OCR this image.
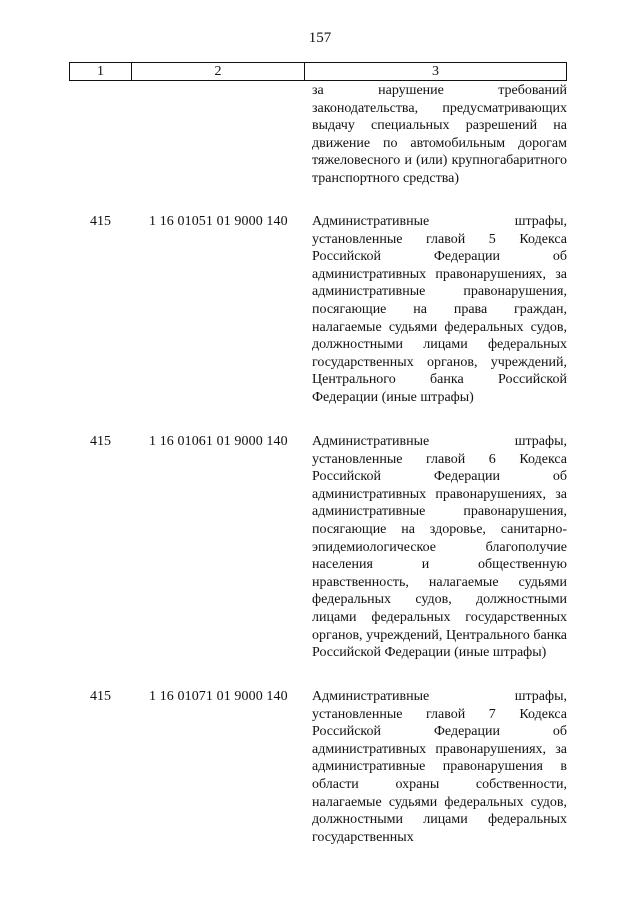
157
1	2	3

за нарушение требований законодательства, предусматривающих выдачу специальных разрешений на движение по автомобильным дорогам тяжеловесного и (или) крупногабаритного транспортного средства)

415	1 16 01051 01 9000 140 Административные штрафы, установленные главой 5 Кодекса Российской Федерации об административных правонарушениях, за административные правонарушения, посягающие на права граждан, налагаемые судьями федеральных судов, должностными лицами федеральных государственных органов, учреждений, Центрального банка Российской Федерации (иные штрафы)

415	1 16 01061 01 9000 140 Административные штрафы, установленные главой 6 Кодекса Российской Федерации об административных правонарушениях, за административные правонарушения, посягающие на здоровье, санитарно-эпидемиологическое благополучие населения и общественную нравственность, налагаемые судьями федеральных судов, должностными лицами федеральных государственных органов, учреждений, Центрального банка Российской Федерации (иные штрафы)

415	1 16 01071 01 9000 140 Административные штрафы, установленные главой 7 Кодекса Российской Федерации об административных правонарушениях, за административные правонарушения в области охраны собственности, налагаемые судьями федеральных судов, должностными лицами федеральных государственных
